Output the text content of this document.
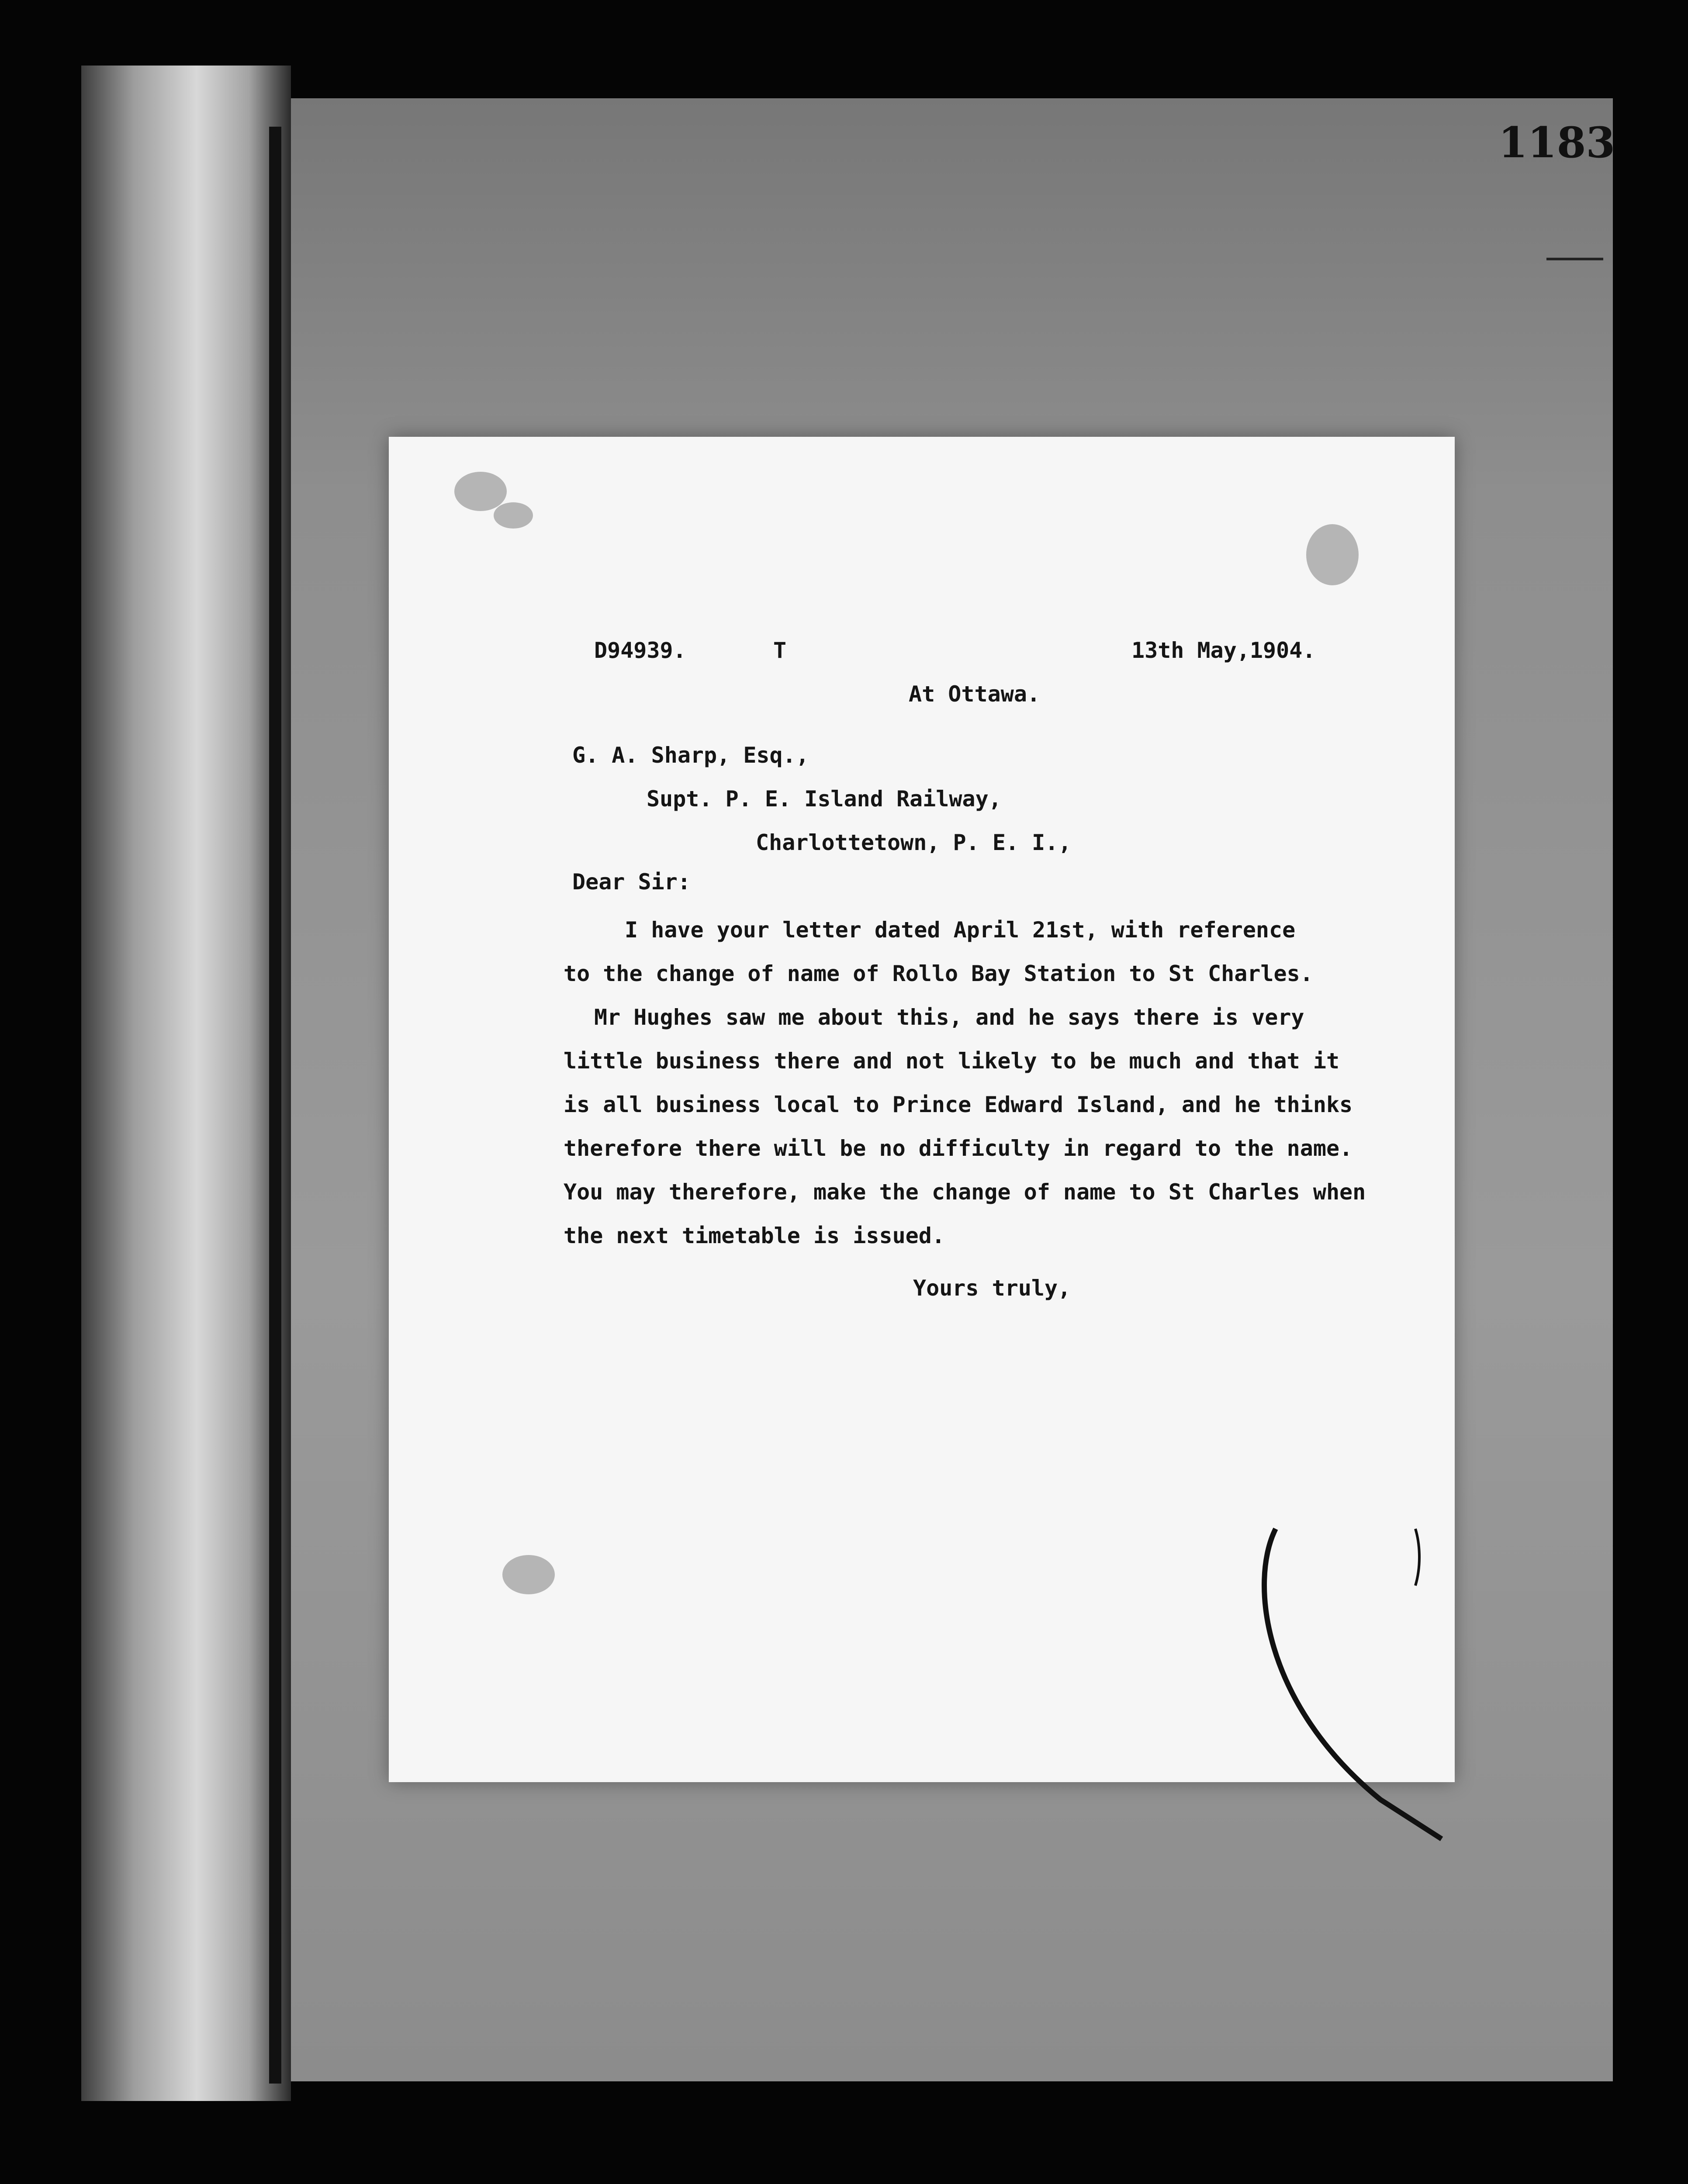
1183
D94939.	T	13th May,1904.
At Ottawa.
G. A. Sharp, Esq.,
Supt. P. E. Island Railway,
Charlottetown, P. E. I.,
Dear Sir:
I have your letter dated April 21st, with reference
to the change of name of Rollo Bay Station to St Charles.
Mr Hughes saw me about this, and he says there is very
little business there and not likely to be much and that it
is all business local to Prince Edward Island, and he thinks
therefore there will be no difficulty in regard to the name.
You may therefore, make the change of name to St Charles when
the next timetable is issued.
Yours truly,
